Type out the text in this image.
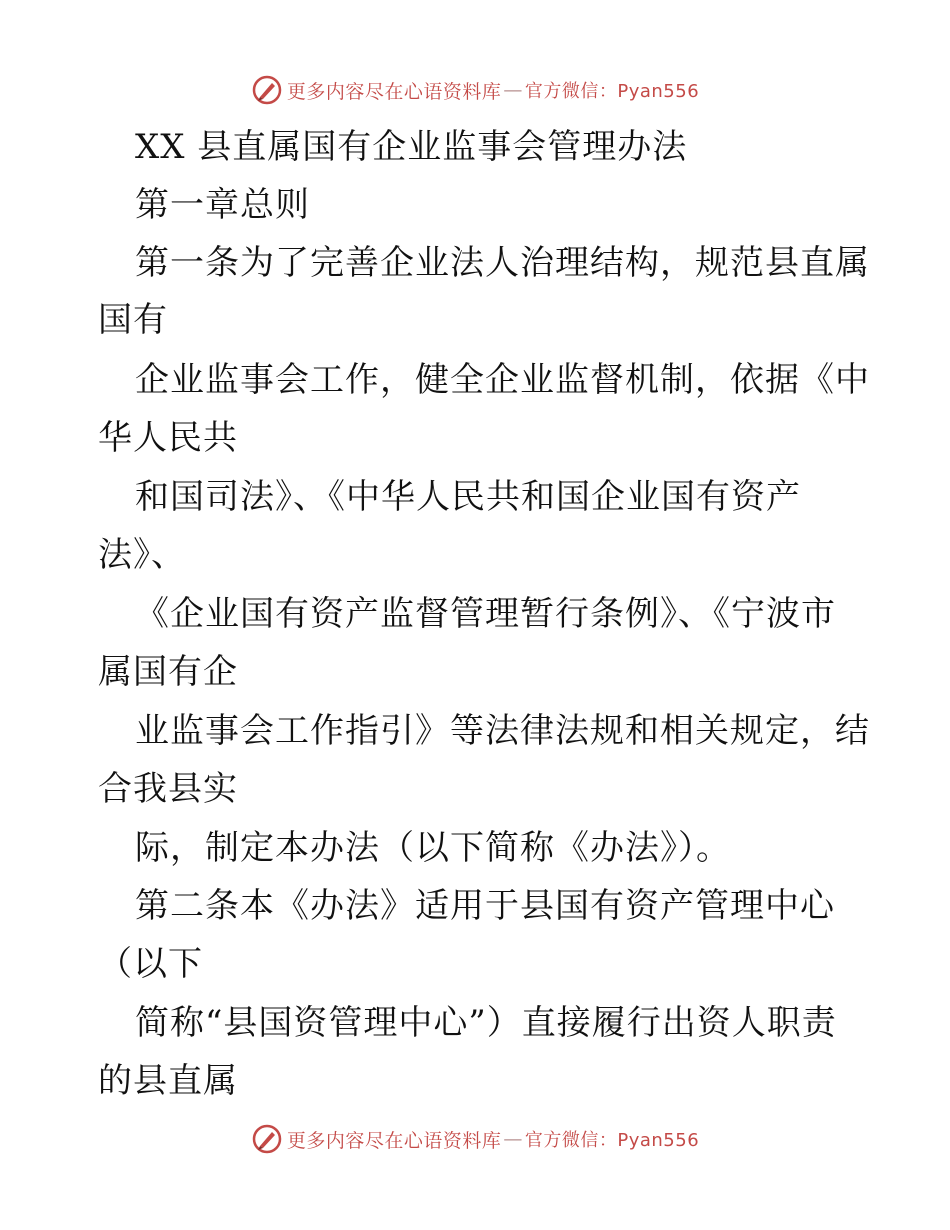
更多内容尽在心语资料库 — 官方微信：Pyan556
XX 县直属国有企业监事会管理办法
第一章总则
第一条为了完善企业法人治理结构，规范县直属
国有
企业监事会工作，健全企业监督机制，依据《中
华人民共
和国司法》、《中华人民共和国企业国有资产
法》、
《企业国有资产监督管理暂行条例》、《宁波市
属国有企
业监事会工作指引》等法律法规和相关规定，结
合我县实
际，制定本办法（以下简称《办法》）。
第二条本《办法》适用于县国有资产管理中心
（以下
简称“县国资管理中心”）直接履行出资人职责
的县直属
更多内容尽在心语资料库 — 官方微信：Pyan556
